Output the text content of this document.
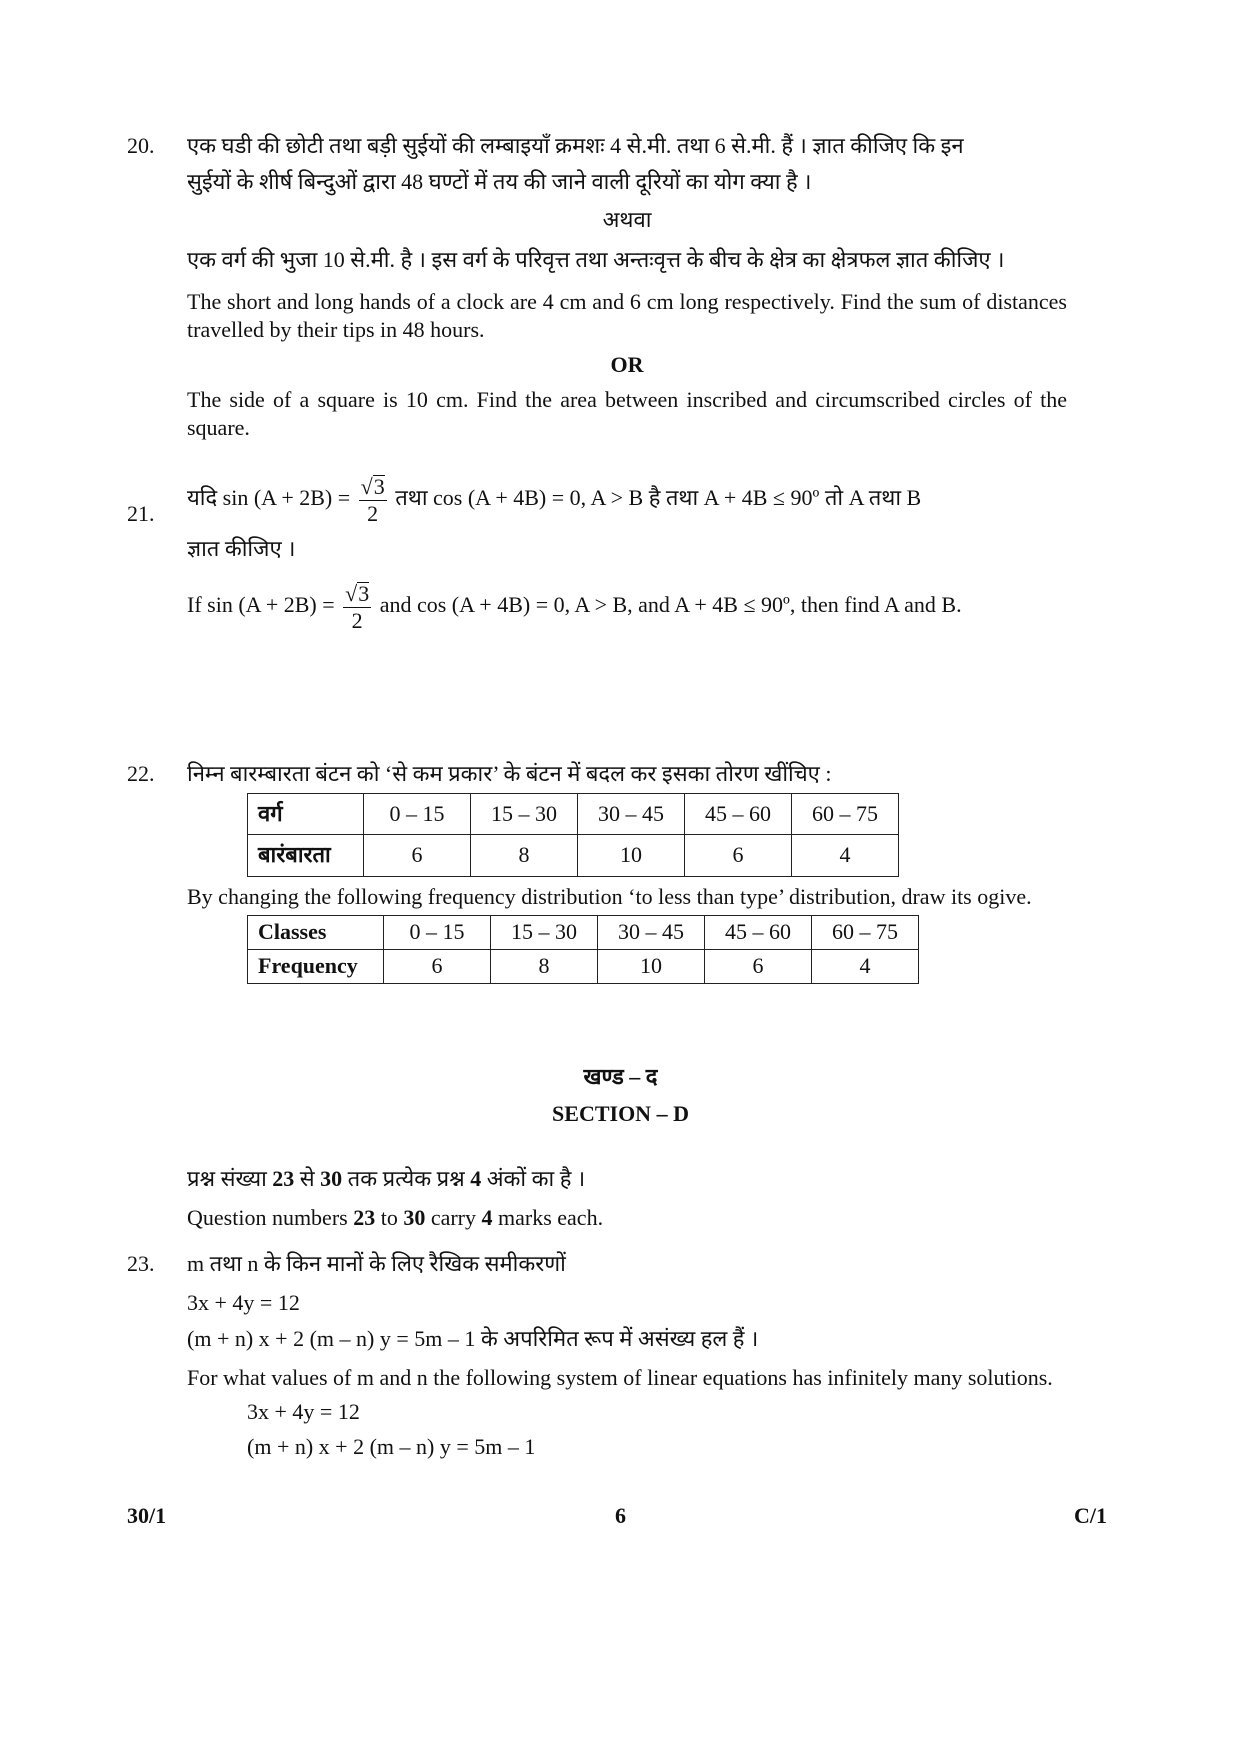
20.	एक घडी की छोटी तथा बड़ी सुईयों की लम्बाइयाँ क्रमशः 4 से.मी. तथा 6 से.मी. हैं । ज्ञात कीजिए कि इन

सुईयों के शीर्ष बिन्दुओं द्वारा 48 घण्टों में तय की जाने वाली दूरियों का योग क्या है ।

अथवा

एक वर्ग की भुजा 10 से.मी. है । इस वर्ग के परिवृत्त तथा अन्तःवृत्त के बीच के क्षेत्र का क्षेत्रफल ज्ञात कीजिए ।

The short and long hands of a clock are 4 cm and 6 cm long respectively. Find the sum of distances travelled by their tips in 48 hours.

OR

The side of a square is 10 cm. Find the area between inscribed and circumscribed circles of the square.

21.

यदि $\sin (A + 2B) = \frac{√3}{2}$ तथा cos (A + 4B) = 0, A > B है तथा A + 4B ≤ 90º तो A तथा B

ज्ञात कीजिए ।

If $\sin (A + 2B) = \frac{√3}{2}$ and cos (A + 4B) = 0, A > B, and A + 4B ≤ 90º, then find A and B.

22.	निम्न बारम्बारता बंटन को ‘से कम प्रकार’ के बंटन में बदल कर इसका तोरण खींचिए :

वर्ग	0 – 15	15 – 30	30 – 45	45 – 60	60 – 75
बारंबारता	6	8	10	6	4

By changing the following frequency distribution ‘to less than type’ distribution, draw its ogive.

Classes	0 – 15	15 – 30	30 – 45	45 – 60	60 – 75
Frequency	6	8	10	6	4

खण्ड – द

SECTION – D

प्रश्न संख्या 23 से 30 तक प्रत्येक प्रश्न 4 अंकों का है ।

Question numbers 23 to 30 carry 4 marks each.

23.	m तथा n के किन मानों के लिए रैखिक समीकरणों

3x + 4y = 12

(m + n) x + 2 (m – n) y = 5m – 1 के अपरिमित रूप में असंख्य हल हैं ।

For what values of m and n the following system of linear equations has infinitely many solutions.

3x + 4y = 12

(m + n) x + 2 (m – n) y = 5m – 1

30/1	6	C/1
